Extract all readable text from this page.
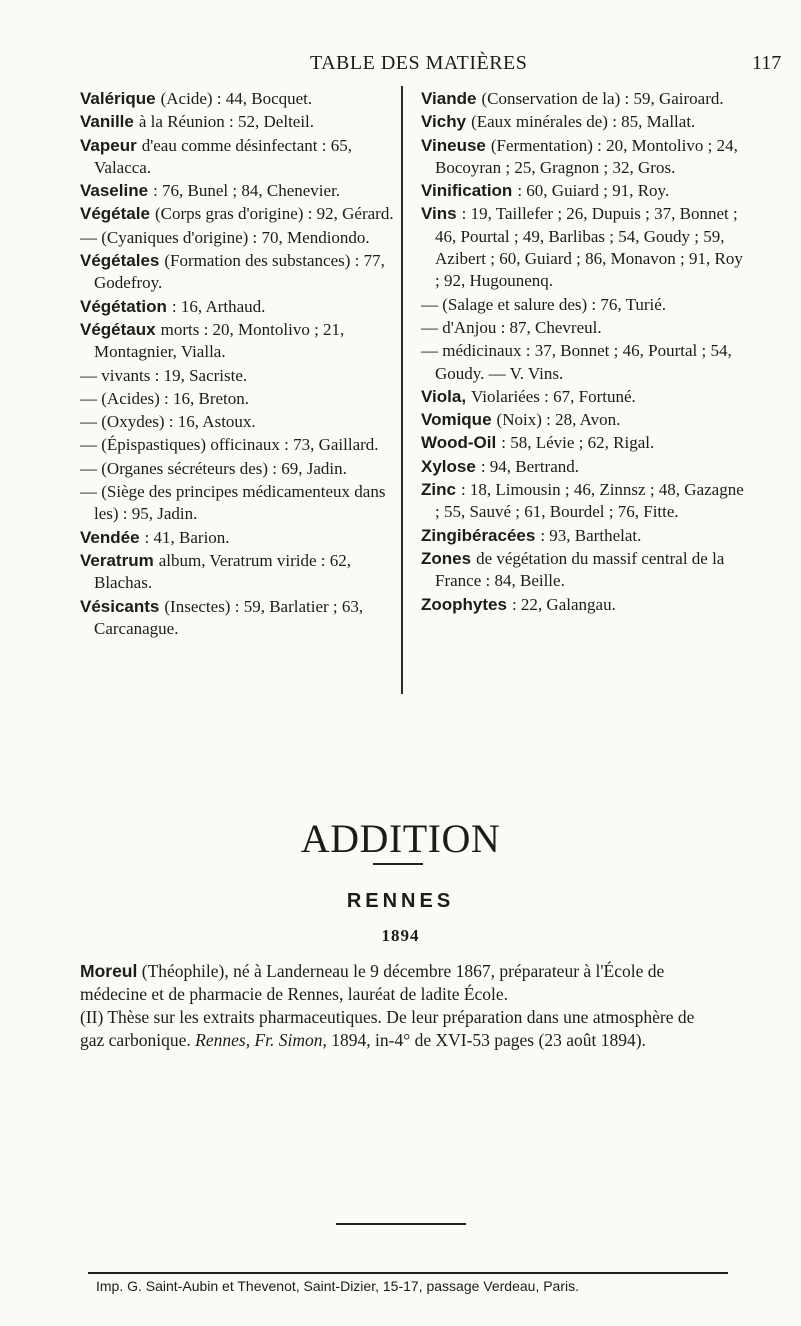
TABLE DES MATIÈRES	117
Valérique (Acide) : 44, Bocquet.
Vanille à la Réunion : 52, Delteil.
Vapeur d'eau comme désinfectant : 65, Valacca.
Vaseline : 76, Bunel ; 84, Chenevier.
Végétale (Corps gras d'origine) : 92, Gérard.
— (Cyaniques d'origine) : 70, Mendiondo.
Végétales (Formation des substances) : 77, Godefroy.
Végétation : 16, Arthaud.
Végétaux morts : 20, Montolivo ; 21, Montagnier, Vialla.
— vivants : 19, Sacriste.
— (Acides) : 16, Breton.
— (Oxydes) : 16, Astoux.
— (Épispastiques) officinaux : 73, Gaillard.
— (Organes sécréteurs des) : 69, Jadin.
— (Siège des principes médicamenteux dans les) : 95, Jadin.
Vendée : 41, Barion.
Veratrum album, Veratrum viride : 62, Blachas.
Vésicants (Insectes) : 59, Barlatier ; 63, Carcanague.
Viande (Conservation de la) : 59, Gairoard.
Vichy (Eaux minérales de) : 85, Mallat.
Vineuse (Fermentation) : 20, Montolivo ; 24, Bocoyran ; 25, Gragnon ; 32, Gros.
Vinification : 60, Guiard ; 91, Roy.
Vins : 19, Taillefer ; 26, Dupuis ; 37, Bonnet ; 46, Pourtal ; 49, Barlibas ; 54, Goudy ; 59, Azibert ; 60, Guiard ; 86, Monavon ; 91, Roy ; 92, Hugounenq.
— (Salage et salure des) : 76, Turié.
— d'Anjou : 87, Chevreul.
— médicinaux : 37, Bonnet ; 46, Pourtal ; 54, Goudy. — V. Vins.
Viola, Violariées : 67, Fortuné.
Vomique (Noix) : 28, Avon.
Wood-Oil : 58, Lévie ; 62, Rigal.
Xylose : 94, Bertrand.
Zinc : 18, Limousin ; 46, Zinnsz ; 48, Gazagne ; 55, Sauvé ; 61, Bourdel ; 76, Fitte.
Zingibéracées : 93, Barthelat.
Zones de végétation du massif central de la France : 84, Beille.
Zoophytes : 22, Galangau.
ADDITION
RENNES
1894

Moreul (Théophile), né à Landerneau le 9 décembre 1867, préparateur à l'École de médecine et de pharmacie de Rennes, lauréat de ladite École.

(II) Thèse sur les extraits pharmaceutiques. De leur préparation dans une atmosphère de gaz carbonique. Rennes, Fr. Simon, 1894, in-4° de XVI-53 pages (23 août 1894).

Imp. G. Saint-Aubin et Thevenot, Saint-Dizier, 15-17, passage Verdeau, Paris.
